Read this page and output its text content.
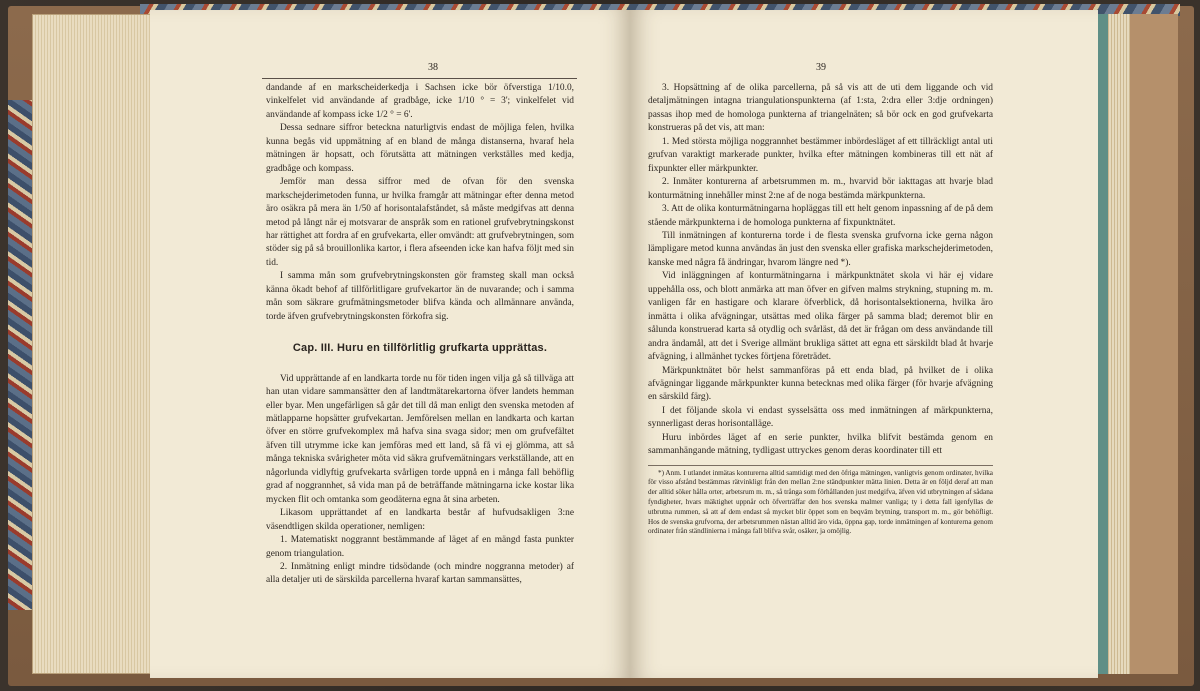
38

dandande af en markscheiderkedja i Sachsen icke bör öfverstiga 1/10.0, vinkelfelet vid användande af gradbåge, icke 1/10 ° = 3'; vinkelfelet vid användande af kompass icke 1/2 ° = 6'.

Dessa sednare siffror beteckna naturligtvis endast de möjliga felen, hvilka kunna begås vid uppmätning af en bland de många distanserna, hvaraf hela mätningen är hopsatt, och förutsätta att mätningen verkställes med kedja, gradbåge och kompass.

Jemför man dessa siffror med de ofvan för den svenska markschejderimetoden funna, ur hvilka framgår att mätningar efter denna metod äro osäkra på mera än 1/50 af horisontalafståndet, så måste medgifvas att denna metod på långt när ej motsvarar de anspråk som en rationel grufvebrytningskonst har rättighet att fordra af en grufvekarta, eller omvändt: att grufvebrytningen, som stöder sig på så brouillonlika kartor, i flera afseenden icke kan hafva följt med sin tid.

I samma mån som grufvebrytningskonsten gör framsteg skall man också känna ökadt behof af tillförlitligare grufvekartor än de nuvarande; och i samma mån som säkrare grufmätningsmetoder blifva kända och allmännare använda, torde äfven grufvebrytningskonsten förkofra sig.

Cap. III. Huru en tillförlitlig grufkarta upprättas.

Vid upprättande af en landkarta torde nu för tiden ingen vilja gå så tillväga att han utan vidare sammansätter den af landtmätarekartorna öfver landets hemman eller byar. Men ungefärligen så går det till då man enligt den svenska metoden af mätlapparne hopsätter grufvekartan. Jemförelsen mellan en landkarta och kartan öfver en större grufvekomplex må hafva sina svaga sidor; men om grufvefältet äfven till utrymme icke kan jemföras med ett land, så få vi ej glömma, att så många tekniska svårigheter möta vid säkra grufvemätningars verkställande, att en någorlunda vidlyftig grufvekarta svårligen torde uppnå en i många fall behöflig grad af noggrannhet, så vida man på de beträffande mätningarna icke kostar lika mycken flit och omtanka som geodäterna egna åt sina arbeten.

Likasom upprättandet af en landkarta består af hufvudsakligen 3:ne väsendtligen skilda operationer, nemligen:

1. Matematiskt noggrannt bestämmande af läget af en mängd fasta punkter genom triangulation.

2. Inmätning enligt mindre tidsödande (och mindre noggranna metoder) af alla detaljer uti de särskilda parcellerna hvaraf kartan sammansättes,

39

3. Hopsättning af de olika parcellerna, på så vis att de uti dem liggande och vid detaljmätningen intagna triangulationspunkterna (af 1:sta, 2:dra eller 3:dje ordningen) passas ihop med de homologa punkterna af triangelnäten; så bör ock en god grufvekarta konstrueras på det vis, att man:

1. Med största möjliga noggrannhet bestämmer inbördesläget af ett tillräckligt antal uti grufvan varaktigt markerade punkter, hvilka efter mätningen kombineras till ett nät af fixpunkter eller märkpunkter.

2. Inmäter konturerna af arbetsrummen m. m., hvarvid bör iakttagas att hvarje blad konturmätning innehåller minst 2:ne af de noga bestämda märkpunkterna.

3. Att de olika konturmätningarna hopläggas till ett helt genom inpassning af de på dem stående märkpunkterna i de homologa punkterna af fixpunktnätet.

Till inmätningen af konturerna torde i de flesta svenska grufvorna icke gerna någon lämpligare metod kunna användas än just den svenska eller grafiska markschejderimetoden, kanske med några få ändringar, hvarom längre ned *).

Vid inläggningen af konturmätningarna i märkpunktnätet skola vi här ej vidare uppehålla oss, och blott anmärka att man öfver en gifven malms strykning, stupning m. m. vanligen får en hastigare och klarare öfverblick, då horisontalsektionerna, hvilka äro inmätta i olika afvägningar, utsättas med olika färger på samma blad; deremot blir en sålunda konstruerad karta så otydlig och svårläst, då det är frågan om dess användande till andra ändamål, att det i Sverige allmänt brukliga sättet att egna ett särskildt blad åt hvarje afvägning, i allmänhet tyckes förtjena företrädet.

Märkpunktnätet bör helst sammanföras på ett enda blad, på hvilket de i olika afvägningar liggande märkpunkter kunna betecknas med olika färger (för hvarje afvägning en särskild färg).

I det följande skola vi endast sysselsätta oss med inmätningen af märkpunkterna, synnerligast deras horisontalläge.

Huru inbördes läget af en serie punkter, hvilka blifvit bestämda genom en sammanhängande mätning, tydligast uttryckes genom deras koordinater till ett

*) Anm. I utlandet inmätas konturerna alltid samtidigt med den öfriga mätningen, vanligtvis genom ordinater, hvilka för visso afstånd bestämmas rätvinkligt från den mellan 2:ne ständpunkter mätta linien. Detta är en följd deraf att man der alltid söker hålla orter, arbetsrum m. m., så trånga som förhållanden just medgifva, äfven vid utbrytningen af sådana fyndigheter, hvars mäktighet uppnår och öfverträffar den hos svenska malmer vanliga; ty i detta fall igenfyllas de utbrutna rummen, så att af dem endast så mycket blir öppet som en beqväm brytning, transport m. m., gör behöfligt. Hos de svenska grufvorna, der arbetsrummen nästan alltid äro vida, öppna gap, torde inmätningen af konturerna genom ordinater från ständlinierna i många fall blifva svår, osäker, ja omöjlig.
